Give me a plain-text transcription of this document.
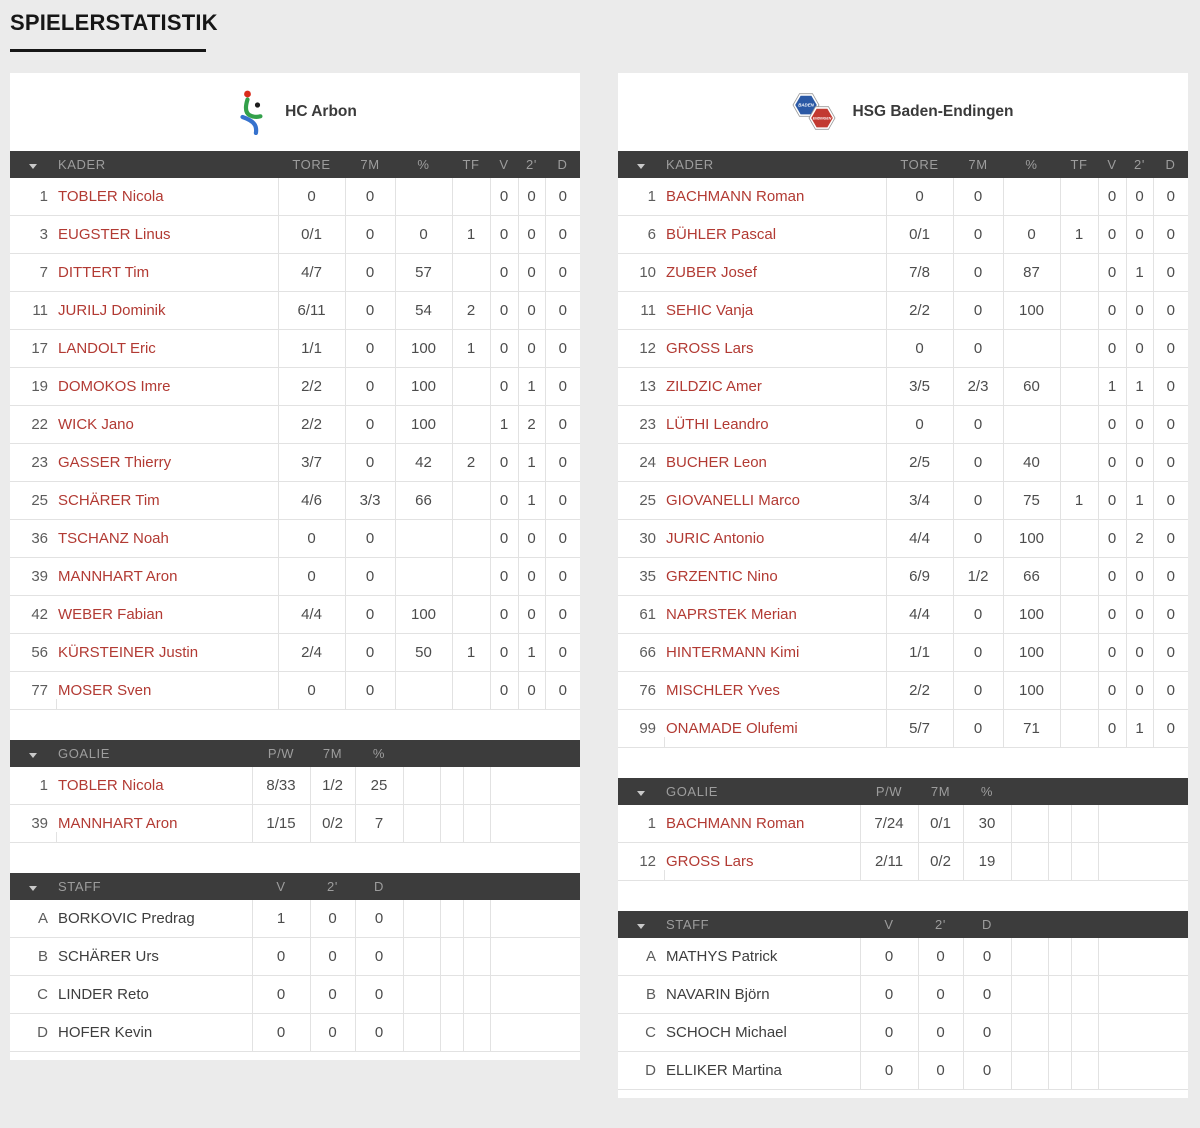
SPIELERSTATISTIK
HC Arbon
	KADER	TORE	7M	%	TF	V	2'	D
1	TOBLER Nicola	0	0			0	0	0
3	EUGSTER Linus	0/1	0	0	1	0	0	0
7	DITTERT Tim	4/7	0	57		0	0	0
11	JURILJ Dominik	6/11	0	54	2	0	0	0
17	LANDOLT Eric	1/1	0	100	1	0	0	0
19	DOMOKOS Imre	2/2	0	100		0	1	0
22	WICK Jano	2/2	0	100		1	2	0
23	GASSER Thierry	3/7	0	42	2	0	1	0
25	SCHÄRER Tim	4/6	3/3	66		0	1	0
36	TSCHANZ Noah	0	0			0	0	0
39	MANNHART Aron	0	0			0	0	0
42	WEBER Fabian	4/4	0	100		0	0	0
56	KÜRSTEINER Justin	2/4	0	50	1	0	1	0
77	MOSER Sven	0	0			0	0	0
	GOALIE	P/W	7M	%				
1	TOBLER Nicola	8/33	1/2	25				
39	MANNHART Aron	1/15	0/2	7				
	STAFF	V	2'	D				
A	BORKOVIC Predrag	1	0	0				
B	SCHÄRER Urs	0	0	0				
C	LINDER Reto	0	0	0				
D	HOFER Kevin	0	0	0				
BADEN
ENDINGEN HSG Baden-Endingen
	KADER	TORE	7M	%	TF	V	2'	D
1	BACHMANN Roman	0	0			0	0	0
6	BÜHLER Pascal	0/1	0	0	1	0	0	0
10	ZUBER Josef	7/8	0	87		0	1	0
11	SEHIC Vanja	2/2	0	100		0	0	0
12	GROSS Lars	0	0			0	0	0
13	ZILDZIC Amer	3/5	2/3	60		1	1	0
23	LÜTHI Leandro	0	0			0	0	0
24	BUCHER Leon	2/5	0	40		0	0	0
25	GIOVANELLI Marco	3/4	0	75	1	0	1	0
30	JURIC Antonio	4/4	0	100		0	2	0
35	GRZENTIC Nino	6/9	1/2	66		0	0	0
61	NAPRSTEK Merian	4/4	0	100		0	0	0
66	HINTERMANN Kimi	1/1	0	100		0	0	0
76	MISCHLER Yves	2/2	0	100		0	0	0
99	ONAMADE Olufemi	5/7	0	71		0	1	0
	GOALIE	P/W	7M	%				
1	BACHMANN Roman	7/24	0/1	30				
12	GROSS Lars	2/11	0/2	19				
	STAFF	V	2'	D				
A	MATHYS Patrick	0	0	0				
B	NAVARIN Björn	0	0	0				
C	SCHOCH Michael	0	0	0				
D	ELLIKER Martina	0	0	0				
